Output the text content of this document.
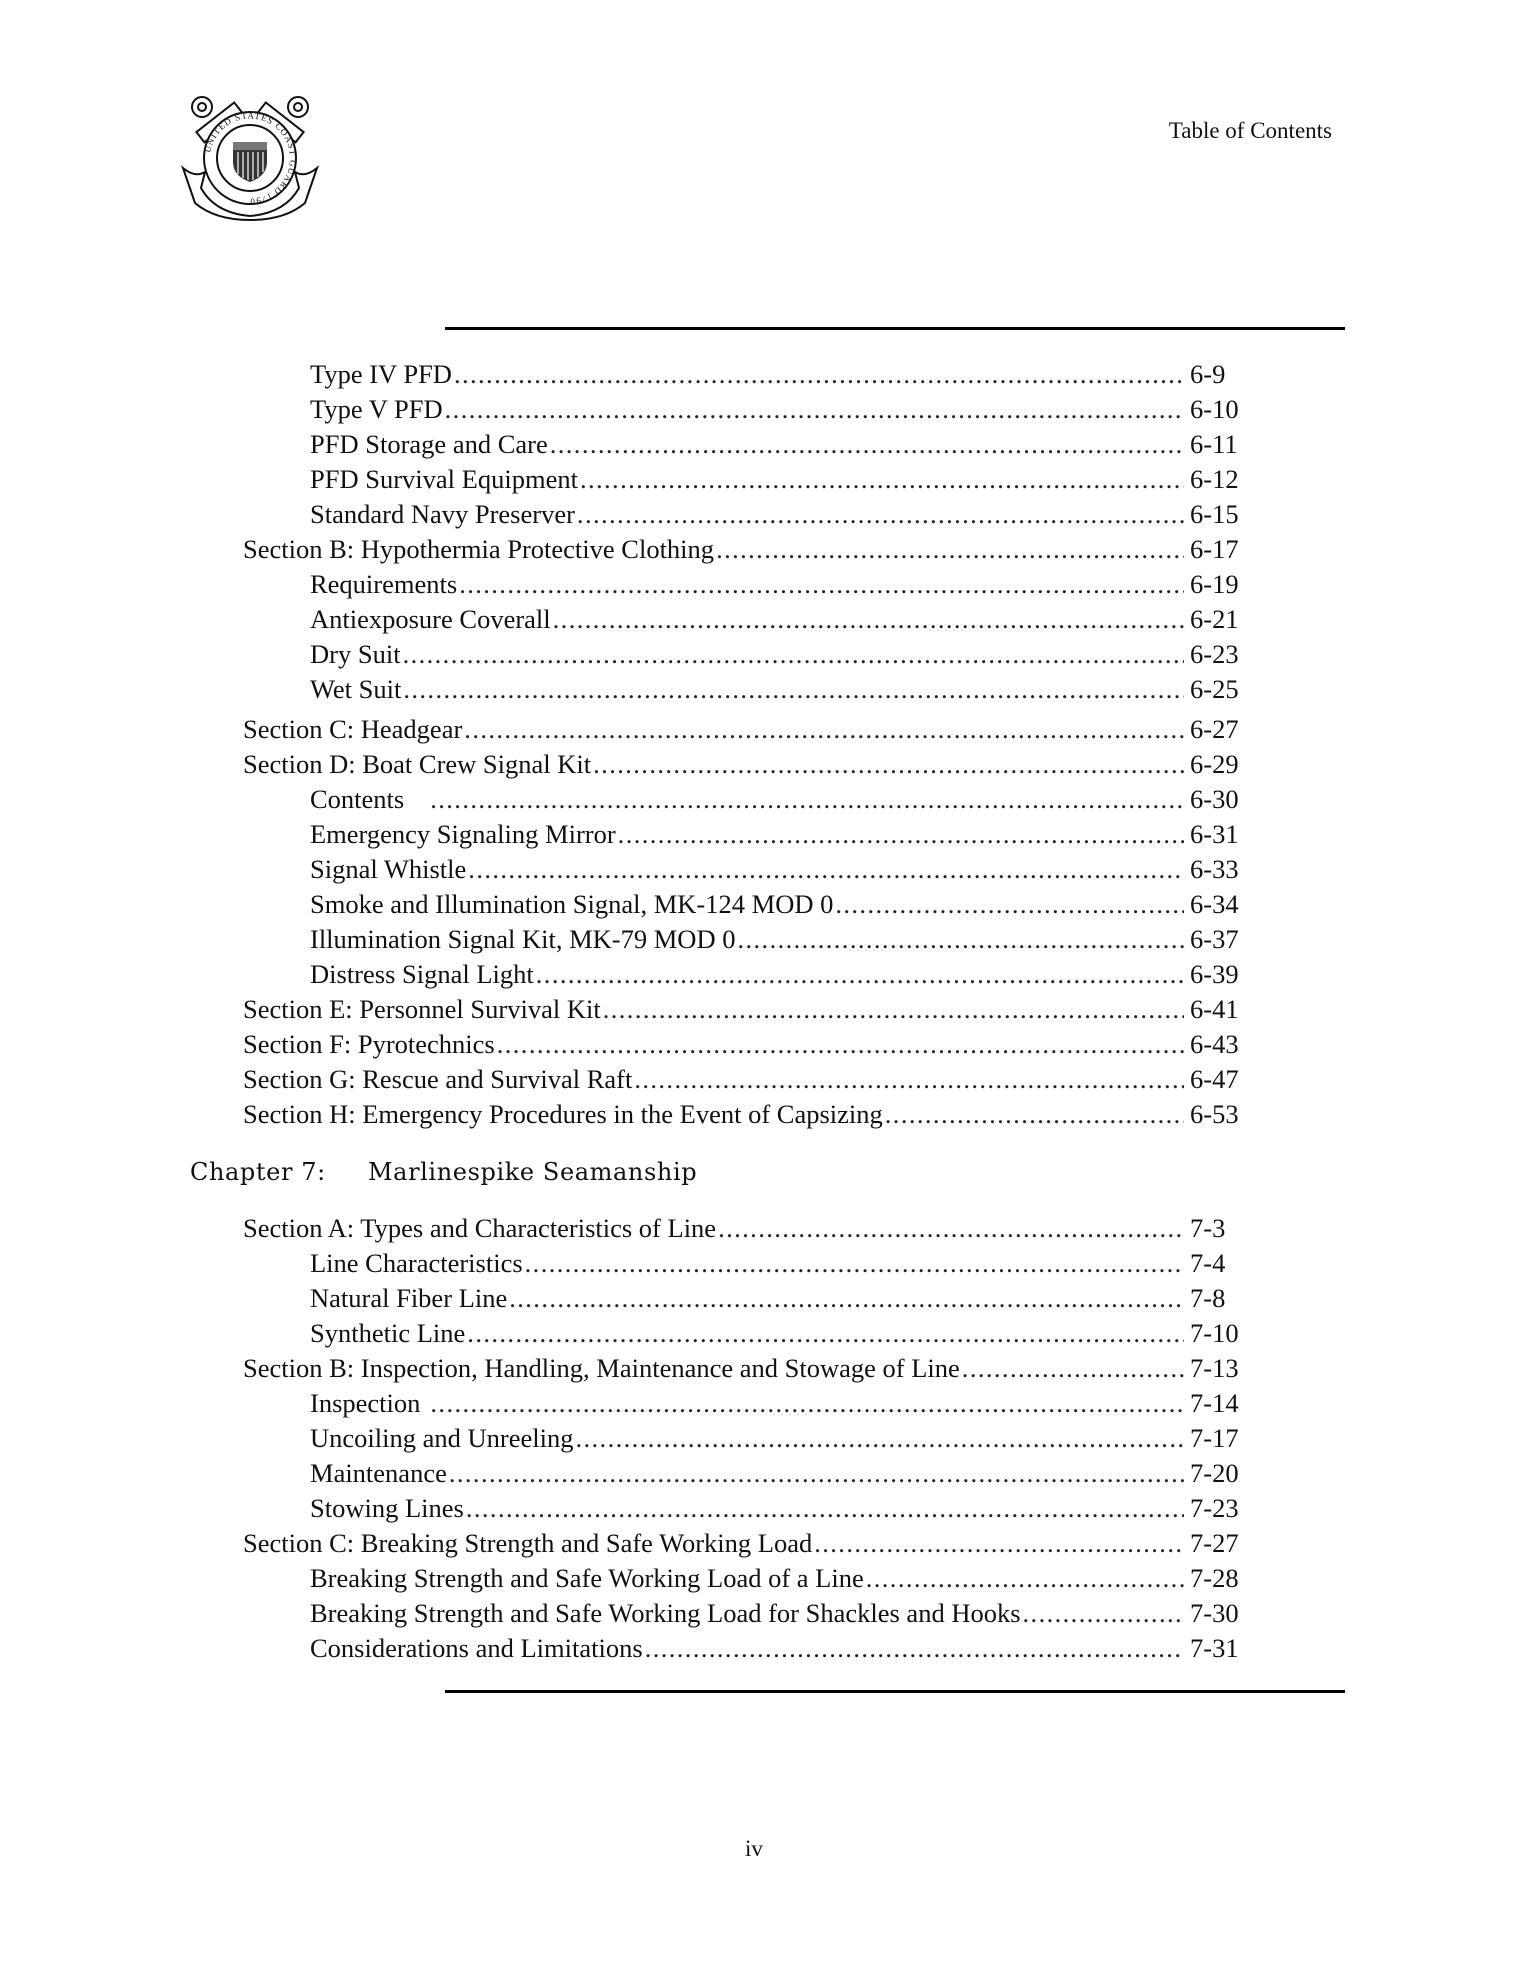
UNITED STATES COAST GUARD 1790
Table of Contents
Type IV PFD .....	6-9
Type V PFD .....	6-10
PFD Storage and Care .....	6-11
PFD Survival Equipment .....	6-12
Standard Navy Preserver .....	6-15
Section B: Hypothermia Protective Clothing .....	6-17
Requirements .....	6-19
Antiexposure Coverall .....	6-21
Dry Suit .....	6-23
Wet Suit .....	6-25
Section C: Headgear .....	6-27
Section D: Boat Crew Signal Kit .....	6-29
Contents .....	6-30
Emergency Signaling Mirror .....	6-31
Signal Whistle .....	6-33
Smoke and Illumination Signal, MK-124 MOD 0 .....	6-34
Illumination Signal Kit, MK-79 MOD 0 .....	6-37
Distress Signal Light .....	6-39
Section E: Personnel Survival Kit .....	6-41
Section F: Pyrotechnics .....	6-43
Section G: Rescue and Survival Raft .....	6-47
Section H: Emergency Procedures in the Event of Capsizing .....	6-53
Chapter 7: Marlinespike Seamanship
Section A: Types and Characteristics of Line .....	7-3
Line Characteristics .....	7-4
Natural Fiber Line .....	7-8
Synthetic Line .....	7-10
Section B: Inspection, Handling, Maintenance and Stowage of Line .....	7-13
Inspection .....	7-14
Uncoiling and Unreeling .....	7-17
Maintenance .....	7-20
Stowing Lines .....	7-23
Section C: Breaking Strength and Safe Working Load .....	7-27
Breaking Strength and Safe Working Load of a Line .....	7-28
Breaking Strength and Safe Working Load for Shackles and Hooks .....	7-30
Considerations and Limitations .....	7-31
iv
